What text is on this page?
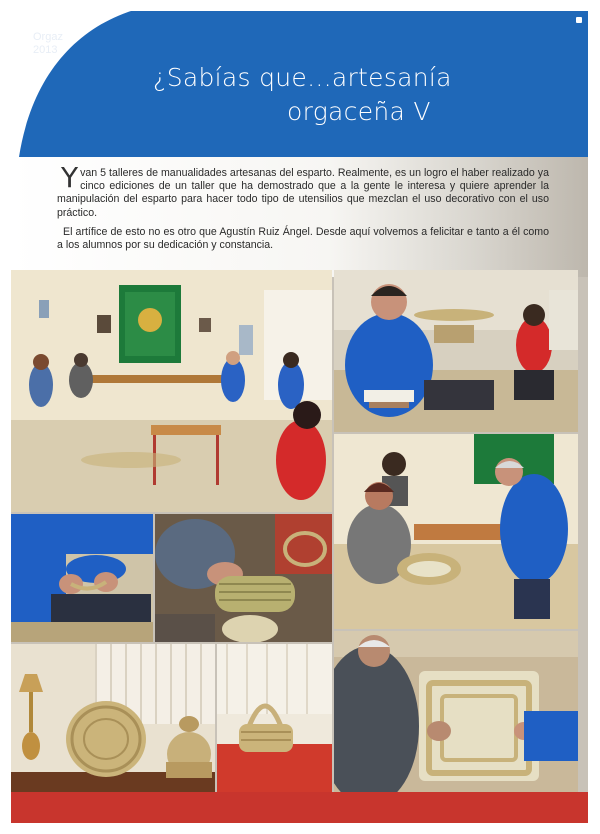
Orgaz
2013
¿Sabías que...artesanía
orgaceña V

Y van 5 talleres de manualidades artesanas del esparto. Realmente, es un logro el haber realizado ya cinco ediciones de un taller que ha demostrado que a la gente le interesa y quiere aprender la manipulación del esparto para hacer todo tipo de utensilios que mezclan el uso decorativo con el uso práctico.

El artífice de esto no es otro que Agustín Ruiz Ángel. Desde aquí volvemos a felicitar e tanto a él como a los alumnos por su dedicación y constancia.
